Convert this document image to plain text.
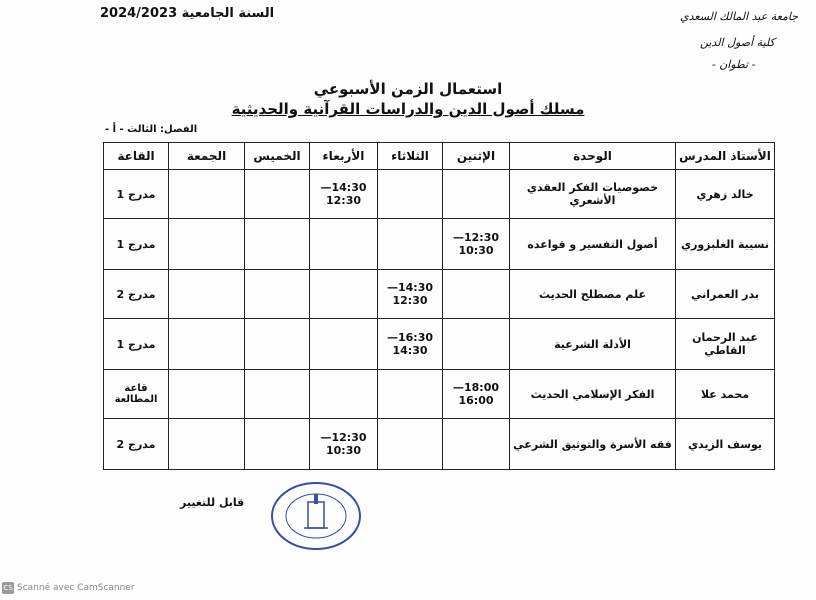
السنة الجامعية 2024/2023	جامعة عبد المالك السعدي
كلية أصول الدين
- تطوان -
استعمال الزمن الأسبوعي
مسلك أصول الدين والدراسات القرآنية والحديثية
الفصل: الثالث - أ -
الأستاذ المدرس	الوحدة	الإثنين	الثلاثاء	الأربعاء	الخميس	الجمعة	القاعة
خالد زهري	خصوصيات الفكر العقدي الأشعري			14:30—12:30			مدرج 1
نسيبة الغلبزوري	أصول التفسير و قواعده	12:30—10:30					مدرج 1
بدر العمراني	علم مصطلح الحديث		14:30—12:30				مدرج 2
عبد الرحمان القاطي	الأدلة الشرعية		16:30—14:30				مدرج 1
محمد علا	الفكر الإسلامي الحديث	18:00—16:00					قاعة المطالعة
يوسف الزيدي	فقه الأسرة والتوثيق الشرعي			12:30—10:30			مدرج 2
قابل للتغيير
CS Scanné avec CamScanner
